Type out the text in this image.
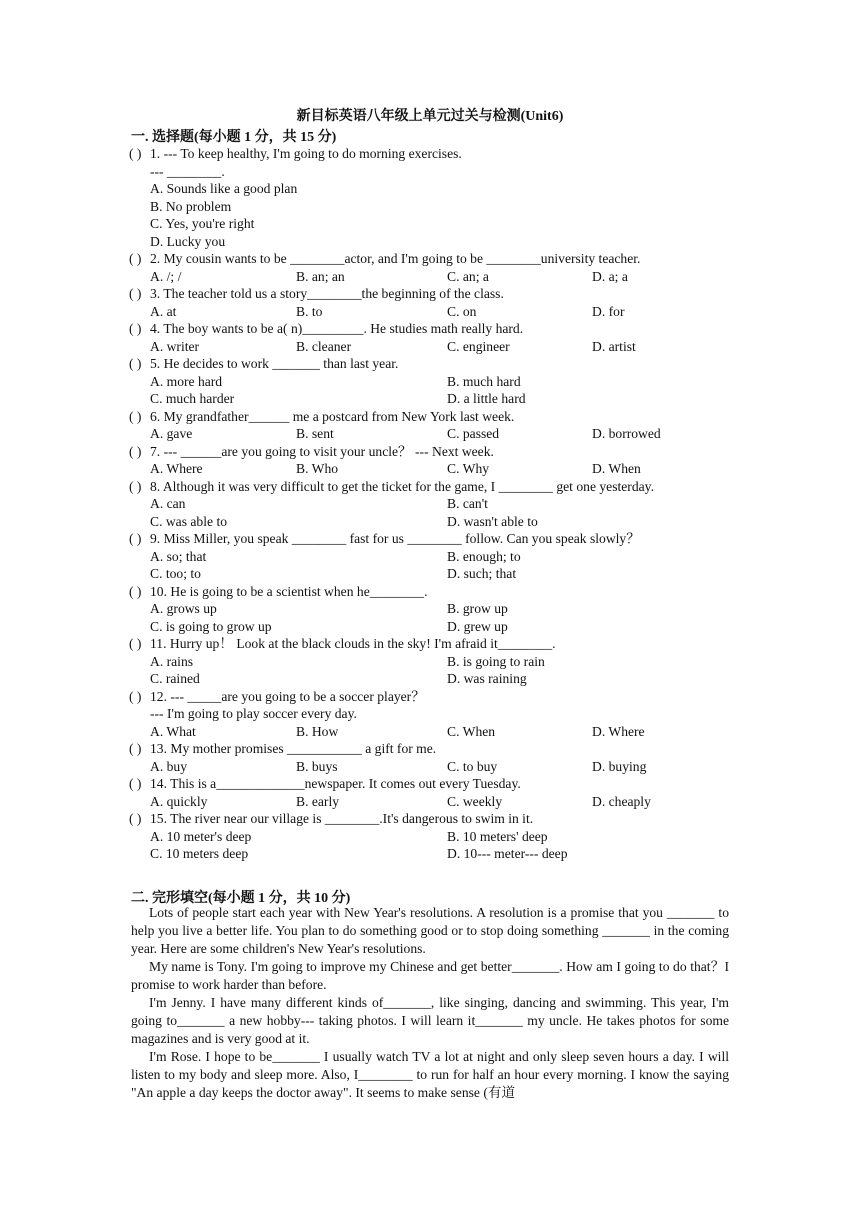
新目标英语八年级上单元过关与检测(Unit6)
一. 选择题(每小题 1 分，共 15 分)
( ) 1. --- To keep healthy, I'm going to do morning exercises.
--- ________.
A. Sounds like a good plan
B. No problem
C. Yes, you're right
D. Lucky you
( ) 2. My cousin wants to be ________actor, and I'm going to be ________university teacher.
A. /; /	B. an; an	C. an; a	D. a; a
( ) 3. The teacher told us a story________the beginning of the class.
A. at	B. to	C. on	D. for
( ) 4. The boy wants to be a( n)_________. He studies math really hard.
A. writer	B. cleaner	C. engineer	D. artist
( ) 5. He decides to work _______ than last year.
A. more hard	B. much hard
C. much harder	D. a little hard
( ) 6. My grandfather______ me a postcard from New York last week.
A. gave	B. sent	C. passed	D. borrowed
( ) 7. --- ______are you going to visit your uncle？ --- Next week.
A. Where	B. Who	C. Why	D. When
( ) 8. Although it was very difficult to get the ticket for the game, I ________ get one yesterday.
A. can	B. can't
C. was able to	D. wasn't able to
( ) 9. Miss Miller, you speak ________ fast for us ________ follow. Can you speak slowly？
A. so; that	B. enough; to
C. too; to	D. such; that
( ) 10. He is going to be a scientist when he________.
A. grows up	B. grow up
C. is going to grow up	D. grew up
( ) 11. Hurry up！ Look at the black clouds in the sky! I'm afraid it________.
A. rains	B. is going to rain
C. rained	D. was raining
( ) 12. --- _____are you going to be a soccer player？
--- I'm going to play soccer every day.
A. What	B. How	C. When	D. Where
( ) 13. My mother promises ___________ a gift for me.
A. buy	B. buys	C. to buy	D. buying
( ) 14. This is a_____________newspaper. It comes out every Tuesday.
A. quickly	B. early	C. weekly	D. cheaply
( ) 15. The river near our village is ________.It's dangerous to swim in it.
A. 10 meter's deep	B. 10 meters' deep
C. 10 meters deep	D. 10--- meter--- deep
二. 完形填空(每小题 1 分，共 10 分)

Lots of people start each year with New Year's resolutions. A resolution is a promise that you _______ to help you live a better life. You plan to do something good or to stop doing something _______ in the coming year. Here are some children's New Year's resolutions.

My name is Tony. I'm going to improve my Chinese and get better_______. How am I going to do that？I promise to work harder than before.

I'm Jenny. I have many different kinds of_______, like singing, dancing and swimming. This year, I'm going to_______ a new hobby--- taking photos. I will learn it_______ my uncle. He takes photos for some magazines and is very good at it.

I'm Rose. I hope to be_______ I usually watch TV a lot at night and only sleep seven hours a day. I will listen to my body and sleep more. Also, I________ to run for half an hour every morning. I know the saying "An apple a day keeps the doctor away". It seems to make sense (有道
